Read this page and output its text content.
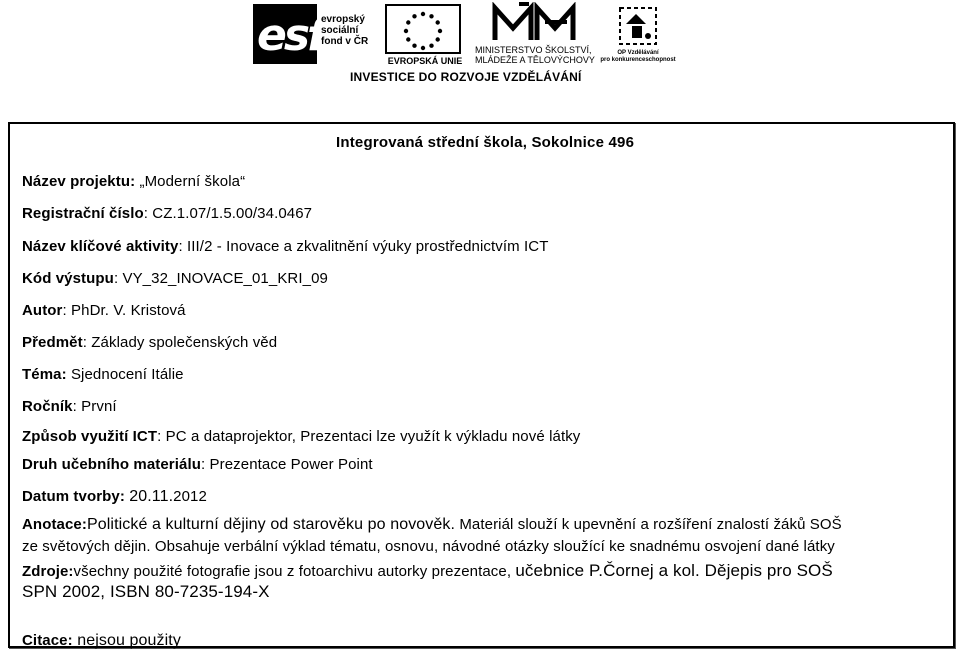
esf
evropský
sociální
fond v ČR
EVROPSKÁ UNIE
MINISTERSTVO ŠKOLSTVÍ,
MLÁDEŽE A TĚLOVÝCHOVY
OP Vzdělávání
pro konkurenceschopnost
INVESTICE DO ROZVOJE VZDĚLÁVÁNÍ
Integrovaná střední škola, Sokolnice 496
Název projektu: „Moderní škola“
Registrační číslo: CZ.1.07/1.5.00/34.0467
Název klíčové aktivity: III/2 - Inovace a zkvalitnění výuky prostřednictvím ICT
Kód výstupu: VY_32_INOVACE_01_KRI_09
Autor: PhDr. V. Kristová
Předmět: Základy společenských věd
Téma: Sjednocení Itálie
Ročník: První
Způsob využití ICT: PC a dataprojektor, Prezentaci lze využít k výkladu nové látky
Druh učebního materiálu: Prezentace Power Point
Datum tvorby: 20.11.2012
Anotace:Politické a kulturní dějiny od starověku po novověk. Materiál slouží k upevnění a rozšíření znalostí žáků SOŠ
ze světových dějin. Obsahuje verbální výklad tématu, osnovu, návodné otázky sloužící ke snadnému osvojení dané látky
Zdroje:všechny použité fotografie jsou z fotoarchivu autorky prezentace, učebnice P.Čornej a kol. Dějepis pro SOŠ
SPN 2002, ISBN 80-7235-194-X
Citace: nejsou použity
